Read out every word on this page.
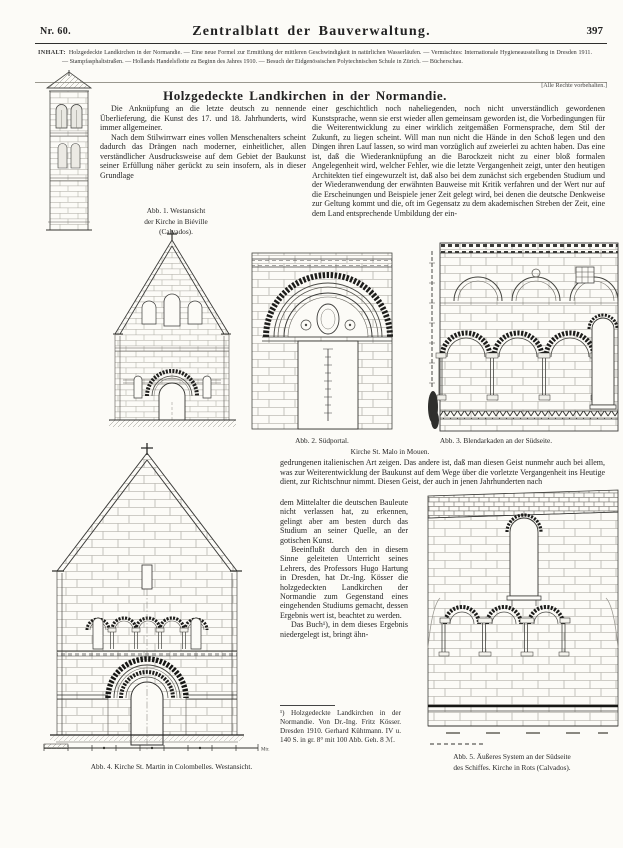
Nr. 60.	Zentralblatt der Bauverwaltung.	397
INHALT: Holzgedeckte Landkirchen in der Normandie. — Eine neue Formel zur Ermittlung der mittleren Geschwindigkeit in natürlichen Wasserläufen. — Vermischtes: Internationale Hygieneausstellung in Dresden 1911. — Stampfasphaltstraßen. — Hollands Handelsflotte zu Beginn des Jahres 1910. — Besuch der Eidgenössischen Polytechnischen Schule in Zürich. — Bücherschau.
[Alle Rechte vorbehalten.]
Holzgedeckte Landkirchen in der Normandie.

Die Anknüpfung an die letzte deutsch zu nennende Überlieferung, die Kunst des 17. und 18. Jahrhunderts, wird immer allgemeiner.

Nach dem Stilwirrwarr eines vollen Menschenalters scheint dadurch das Drängen nach moderner, einheitlicher, allen verständlicher Ausdrucksweise auf dem Gebiet der Baukunst seiner Erfüllung näher gerückt zu sein insofern, als in dieser Grundlage

einer geschichtlich noch naheliegenden, noch nicht unverständlich gewordenen Kunstsprache, wenn sie erst wieder allen gemeinsam geworden ist, die Vorbedingungen für die Weiterentwicklung zu einer wirklich zeitgemäßen Formensprache, dem Stil der Zukunft, zu liegen scheint. Will man nun nicht die Hände in den Schoß legen und den Dingen ihren Lauf lassen, so wird man vorzüglich auf zweierlei zu achten haben. Das eine ist, daß die Wiederanknüpfung an die Barockzeit nicht zu einer bloß formalen Angelegenheit wird, welcher Fehler, wie die letzte Vergangenheit zeigt, unter den heutigen Architekten tief eingewurzelt ist, daß also bei dem zunächst sich ergebenden Studium und der Wiederanwendung der erwähnten Bauweise mit Kritik verfahren und der Wert nur auf die Erscheinungen und Beispiele jener Zeit gelegt wird, bei denen die deutsche Denkweise zur Geltung kommt und die, oft im Gegensatz zu dem akademischen Streben der Zeit, eine dem Land entsprechende Umbildung der ein-

Abb. 1. Westansicht
der Kirche in Biéville
(Calvados).
Abb. 2. Südportal.	Abb. 3. Blendarkaden an der Südseite.
Kirche St. Malo in Mouen.

gedrungenen italienischen Art zeigen. Das andere ist, daß man diesen Geist nunmehr auch bei allem, was zur Weiterentwicklung der Baukunst auf dem Wege über die vorletzte Vergangenheit ins Heutige dient, zur Richtschnur nimmt. Diesen Geist, der auch in jenen Jahrhunderten nach

dem Mittelalter die deutschen Bauleute nicht verlassen hat, zu erkennen, gelingt aber am besten durch das Studium an seiner Quelle, an der gotischen Kunst.

Beeinflußt durch den in diesem Sinne geleiteten Unterricht seines Lehrers, des Professors Hugo Hartung in Dresden, hat Dr.-Ing. Kösser die holzgedeckten Landkirchen der Normandie zum Gegenstand eines eingehenden Studiums gemacht, dessen Ergebnis wert ist, beachtet zu werden.

Das Buch¹), in dem dieses Ergebnis niedergelegt ist, bringt ähn-

¹) Holzgedeckte Landkirchen in der Normandie. Von Dr.-Ing. Fritz Kösser. Dresden 1910. Gerhard Kühtmann. IV u. 140 S. in gr. 8° mit 100 Abb. Geh. 8 ℳ.
Mtr.
Abb. 4. Kirche St. Martin in Colombelles. Westansicht.
Abb. 5. Äußeres System an der Südseite
des Schiffes. Kirche in Rots (Calvados).
